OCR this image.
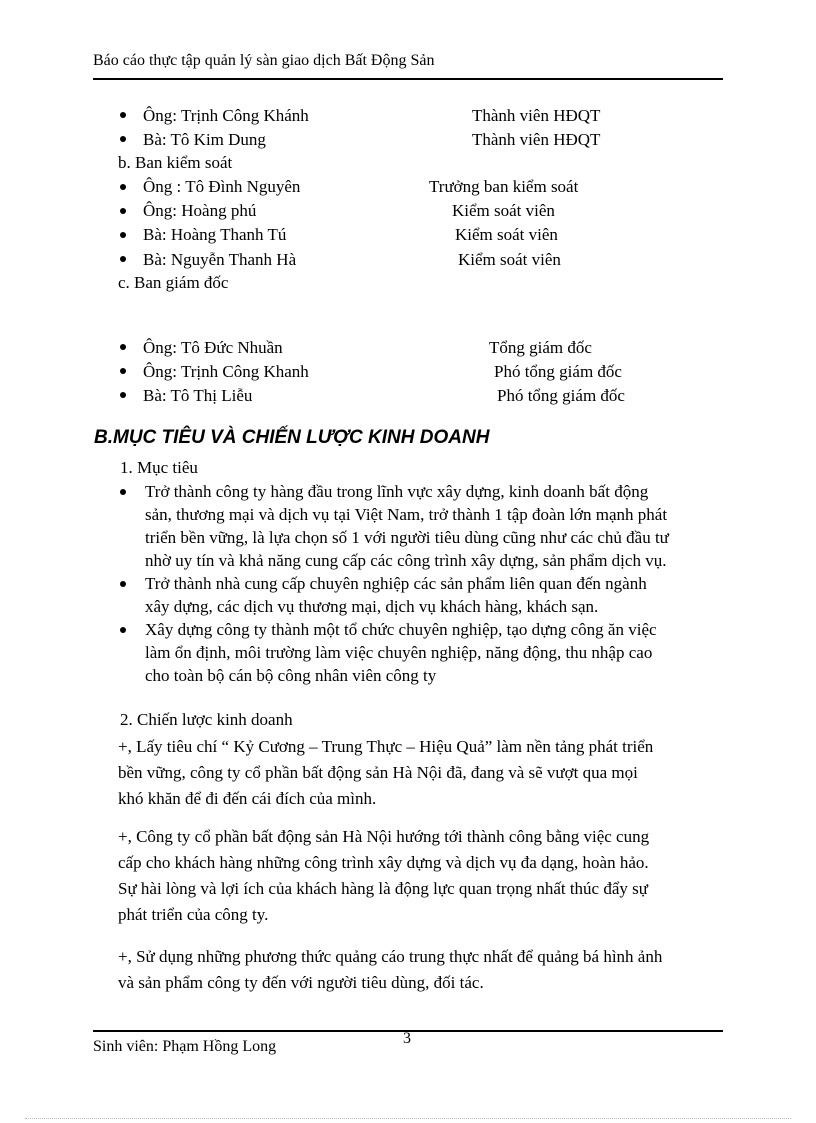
Báo cáo thực tập quản lý sàn giao dịch Bất Động Sản
Ông: Trịnh Công Khánh	Thành viên HĐQT
Bà: Tô Kim Dung	Thành viên HĐQT
b. Ban kiểm soát
Ông : Tô Đình Nguyên	Trưởng ban kiểm soát
Ông: Hoàng phú	Kiểm soát viên
Bà: Hoàng Thanh Tú	Kiểm soát viên
Bà: Nguyễn Thanh Hà	Kiểm soát viên
c. Ban giám đốc
Ông: Tô Đức Nhuần	Tổng giám đốc
Ông: Trịnh Công Khanh	Phó tổng giám đốc
Bà: Tô Thị Liễu	Phó tổng giám đốc
B.MỤC TIÊU VÀ CHIẾN LƯỢC KINH DOANH
1. Mục tiêu
Trở thành công ty hàng đầu trong lĩnh vực xây dựng, kinh doanh bất động
sản, thương mại và dịch vụ tại Việt Nam, trở thành 1 tập đoàn lớn mạnh phát
triển bền vững, là lựa chọn số 1 với người tiêu dùng cũng như các chủ đầu tư
nhờ uy tín và khả năng cung cấp các công trình xây dựng, sản phẩm dịch vụ.
Trở thành nhà cung cấp chuyên nghiệp các sản phẩm liên quan đến ngành
xây dựng, các dịch vụ thương mại, dịch vụ khách hàng, khách sạn.
Xây dựng công ty thành một tổ chức chuyên nghiệp, tạo dựng công ăn việc
làm ổn định, môi trường làm việc chuyên nghiệp, năng động, thu nhập cao
cho toàn bộ cán bộ công nhân viên công ty
2. Chiến lược kinh doanh
+, Lấy tiêu chí “ Kỷ Cương – Trung Thực – Hiệu Quả” làm nền tảng phát triển
bền vững, công ty cổ phần bất động sản Hà Nội đã, đang và sẽ vượt qua mọi
khó khăn để đi đến cái đích của mình.
+, Công ty cổ phần bất động sản Hà Nội hướng tới thành công bằng việc cung
cấp cho khách hàng những công trình xây dựng và dịch vụ đa dạng, hoàn hảo.
Sự hài lòng và lợi ích của khách hàng là động lực quan trọng nhất thúc đẩy sự
phát triển của công ty.
+, Sử dụng những phương thức quảng cáo trung thực nhất để quảng bá hình ảnh
và sản phẩm công ty đến với người tiêu dùng, đối tác.
Sinh viên: Phạm Hồng Long	3
